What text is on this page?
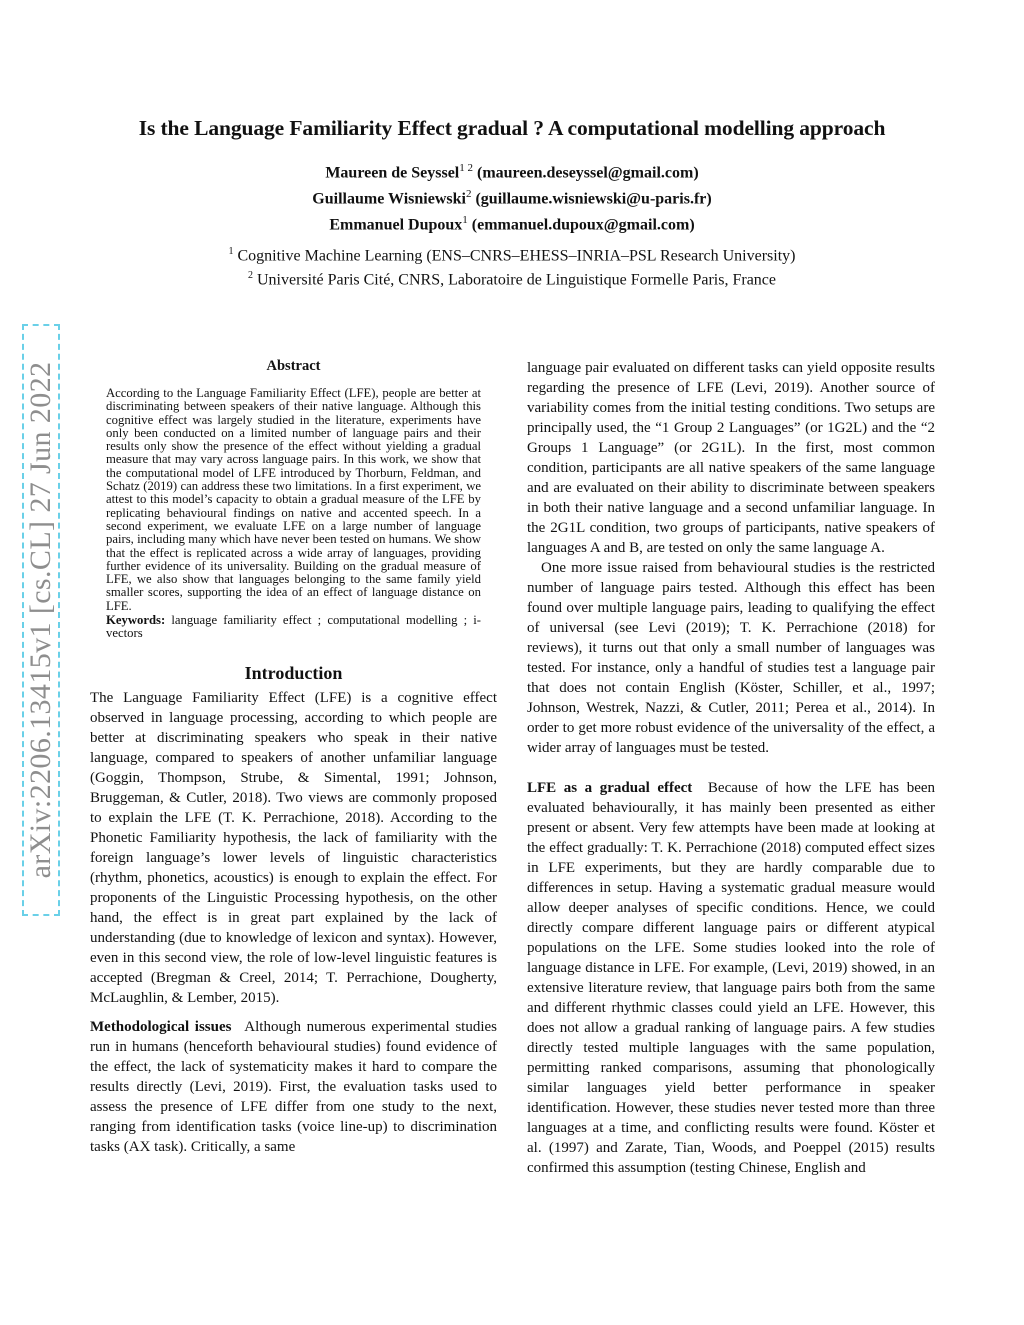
Is the Language Familiarity Effect gradual ? A computational modelling approach
Maureen de Seyssel$^{1 2}$ (maureen.deseyssel@gmail.com)
Guillaume Wisniewski$^2$ (guillaume.wisniewski@u-paris.fr)
Emmanuel Dupoux$^1$ (emmanuel.dupoux@gmail.com)
$^1$ Cognitive Machine Learning (ENS–CNRS–EHESS–INRIA–PSL Research University)
$^2$ Université Paris Cité, CNRS, Laboratoire de Linguistique Formelle Paris, France
arXiv:2206.13415v1 [cs.CL] 27 Jun 2022	Abstract

According to the Language Familiarity Effect (LFE), people are better at discriminating between speakers of their native language. Although this cognitive effect was largely studied in the literature, experiments have only been conducted on a limited number of language pairs and their results only show the presence of the effect without yielding a gradual measure that may vary across language pairs. In this work, we show that the computational model of LFE introduced by Thorburn, Feldman, and Schatz (2019) can address these two limitations. In a first experiment, we attest to this model’s capacity to obtain a gradual measure of the LFE by replicating behavioural findings on native and accented speech. In a second experiment, we evaluate LFE on a large number of language pairs, including many which have never been tested on humans. We show that the effect is replicated across a wide array of languages, providing further evidence of its universality. Building on the gradual measure of LFE, we also show that languages belonging to the same family yield smaller scores, supporting the idea of an effect of language distance on LFE.

Keywords: language familiarity effect ; computational modelling ; i-vectors

Introduction

The Language Familiarity Effect (LFE) is a cognitive effect observed in language processing, according to which people are better at discriminating speakers who speak in their native language, compared to speakers of another unfamiliar language (Goggin, Thompson, Strube, & Simental, 1991; Johnson, Bruggeman, & Cutler, 2018). Two views are commonly proposed to explain the LFE (T. K. Perrachione, 2018). According to the Phonetic Familiarity hypothesis, the lack of familiarity with the foreign language’s lower levels of linguistic characteristics (rhythm, phonetics, acoustics) is enough to explain the effect. For proponents of the Linguistic Processing hypothesis, on the other hand, the effect is in great part explained by the lack of understanding (due to knowledge of lexicon and syntax). However, even in this second view, the role of low-level linguistic features is accepted (Bregman & Creel, 2014; T. Perrachione, Dougherty, McLaughlin, & Lember, 2015).

Methodological issues Although numerous experimental studies run in humans (henceforth behavioural studies) found evidence of the effect, the lack of systematicity makes it hard to compare the results directly (Levi, 2019). First, the evaluation tasks used to assess the presence of LFE differ from one study to the next, ranging from identification tasks (voice line-up) to discrimination tasks (AX task). Critically, a same

language pair evaluated on different tasks can yield opposite results regarding the presence of LFE (Levi, 2019). Another source of variability comes from the initial testing conditions. Two setups are principally used, the “1 Group 2 Languages” (or 1G2L) and the “2 Groups 1 Language” (or 2G1L). In the first, most common condition, participants are all native speakers of the same language and are evaluated on their ability to discriminate between speakers in both their native language and a second unfamiliar language. In the 2G1L condition, two groups of participants, native speakers of languages A and B, are tested on only the same language A.

One more issue raised from behavioural studies is the restricted number of language pairs tested. Although this effect has been found over multiple language pairs, leading to qualifying the effect of universal (see Levi (2019); T. K. Perrachione (2018) for reviews), it turns out that only a small number of languages was tested. For instance, only a handful of studies test a language pair that does not contain English (Köster, Schiller, et al., 1997; Johnson, Westrek, Nazzi, & Cutler, 2011; Perea et al., 2014). In order to get more robust evidence of the universality of the effect, a wider array of languages must be tested.

LFE as a gradual effect Because of how the LFE has been evaluated behaviourally, it has mainly been presented as either present or absent. Very few attempts have been made at looking at the effect gradually: T. K. Perrachione (2018) computed effect sizes in LFE experiments, but they are hardly comparable due to differences in setup. Having a systematic gradual measure would allow deeper analyses of specific conditions. Hence, we could directly compare different language pairs or different atypical populations on the LFE. Some studies looked into the role of language distance in LFE. For example, (Levi, 2019) showed, in an extensive literature review, that language pairs both from the same and different rhythmic classes could yield an LFE. However, this does not allow a gradual ranking of language pairs. A few studies directly tested multiple languages with the same population, permitting ranked comparisons, assuming that phonologically similar languages yield better performance in speaker identification. However, these studies never tested more than three languages at a time, and conflicting results were found. Köster et al. (1997) and Zarate, Tian, Woods, and Poeppel (2015) results confirmed this assumption (testing Chinese, English and
